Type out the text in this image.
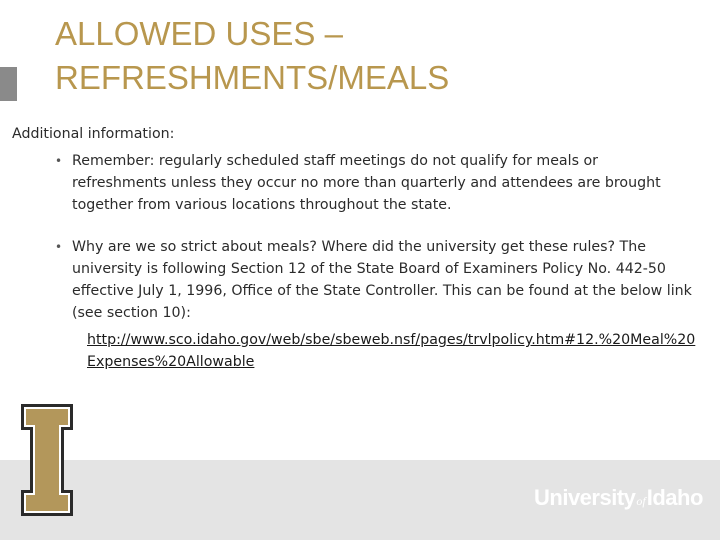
ALLOWED USES –
REFRESHMENTS/MEALS
Additional information:
• Remember: regularly scheduled staff meetings do not qualify for meals or refreshments unless they occur no more than quarterly and attendees are brought together from various locations throughout the state.
• Why are we so strict about meals? Where did the university get these rules? The university is following Section 12 of the State Board of Examiners Policy No. 442-50 effective July 1, 1996, Office of the State Controller. This can be found at the below link (see section 10):
http://www.sco.idaho.gov/web/sbe/sbeweb.nsf/pages/trvlpolicy.htm#12.%20Meal%20Expenses%20Allowable
University of Idaho
